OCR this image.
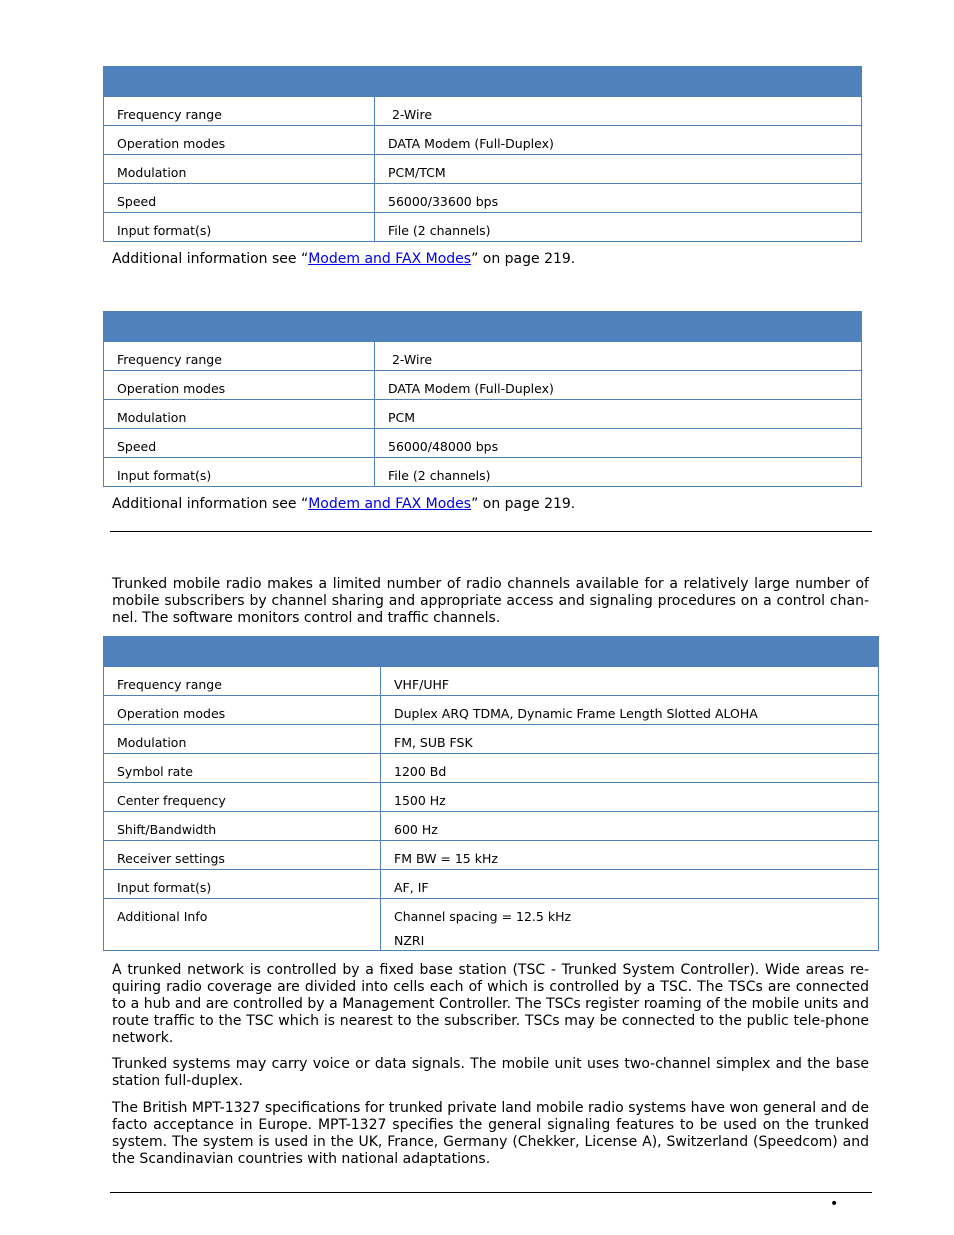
Frequency range	2-Wire
Operation modes	DATA Modem (Full-Duplex)
Modulation	PCM/TCM
Speed	56000/33600 bps
Input format(s)	File (2 channels)
Additional information see “Modem and FAX Modes” on page 219.
Frequency range	2-Wire
Operation modes	DATA Modem (Full-Duplex)
Modulation	PCM
Speed	56000/48000 bps
Input format(s)	File (2 channels)
Additional information see “Modem and FAX Modes” on page 219.
Trunked mobile radio makes a limited number of radio channels available for a relatively large number of mobile subscribers by channel sharing and appropriate access and signaling procedures on a control chan-nel. The software monitors control and traffic channels.
Frequency range	VHF/UHF
Operation modes	Duplex ARQ TDMA, Dynamic Frame Length Slotted ALOHA
Modulation	FM, SUB FSK
Symbol rate	1200 Bd
Center frequency	1500 Hz
Shift/Bandwidth	600 Hz
Receiver settings	FM BW = 15 kHz
Input format(s)	AF, IF
Additional Info	Channel spacing = 12.5 kHz
NZRI
A trunked network is controlled by a fixed base station (TSC - Trunked System Controller). Wide areas re-quiring radio coverage are divided into cells each of which is controlled by a TSC. The TSCs are connected to a hub and are controlled by a Management Controller. The TSCs register roaming of the mobile units and route traffic to the TSC which is nearest to the subscriber. TSCs may be connected to the public tele-phone network.
Trunked systems may carry voice or data signals. The mobile unit uses two-channel simplex and the base station full-duplex.
The British MPT-1327 specifications for trunked private land mobile radio systems have won general and de facto acceptance in Europe. MPT-1327 specifies the general signaling features to be used on the trunked system. The system is used in the UK, France, Germany (Chekker, License A), Switzerland (Speedcom) and the Scandinavian countries with national adaptations.
•
